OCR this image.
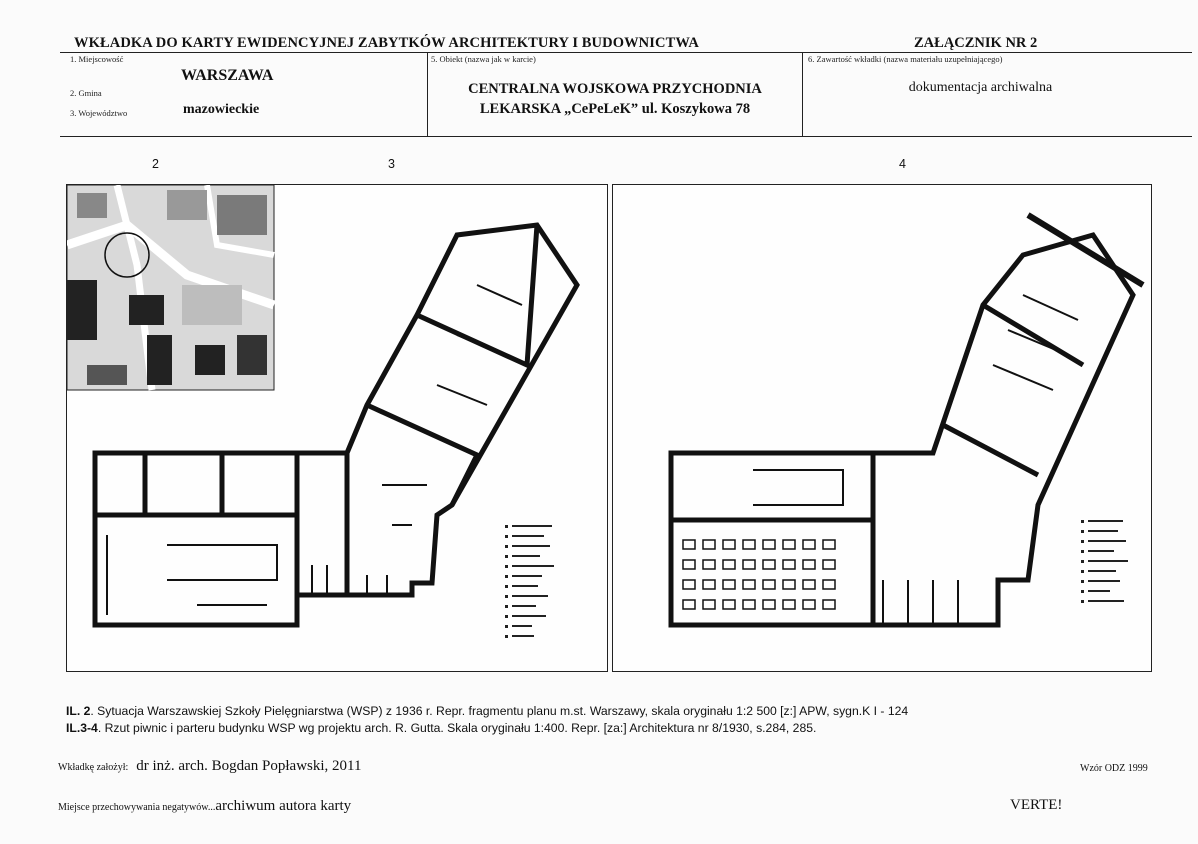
WKŁADKA DO KARTY EWIDENCYJNEJ ZABYTKÓW ARCHITEKTURY I BUDOWNICTWA	ZAŁĄCZNIK NR 2
1. Miejscowość
WARSZAWA
2. Gmina
3. Województwo	mazowieckie
5. Obiekt (nazwa jak w karcie)
CENTRALNA WOJSKOWA PRZYCHODNIA
LEKARSKA „CePeLeK” ul. Koszykowa 78
6. Zawartość wkładki (nazwa materiału uzupełniającego)
dokumentacja archiwalna
2	3	4
IL. 2. Sytuacja Warszawskiej Szkoły Pielęgniarstwa (WSP) z 1936 r. Repr. fragmentu planu m.st. Warszawy, skala oryginału 1:2 500 [z:] APW, sygn.K I - 124
IL.3-4. Rzut piwnic i parteru budynku WSP wg projektu arch. R. Gutta. Skala oryginału 1:400. Repr. [za:] Architektura nr 8/1930, s.284, 285.
Wkładkę założył: dr inż. arch. Bogdan Popławski, 2011	Wzór ODZ 1999
Miejsce przechowywania negatywów...archiwum autora karty	VERTE!
